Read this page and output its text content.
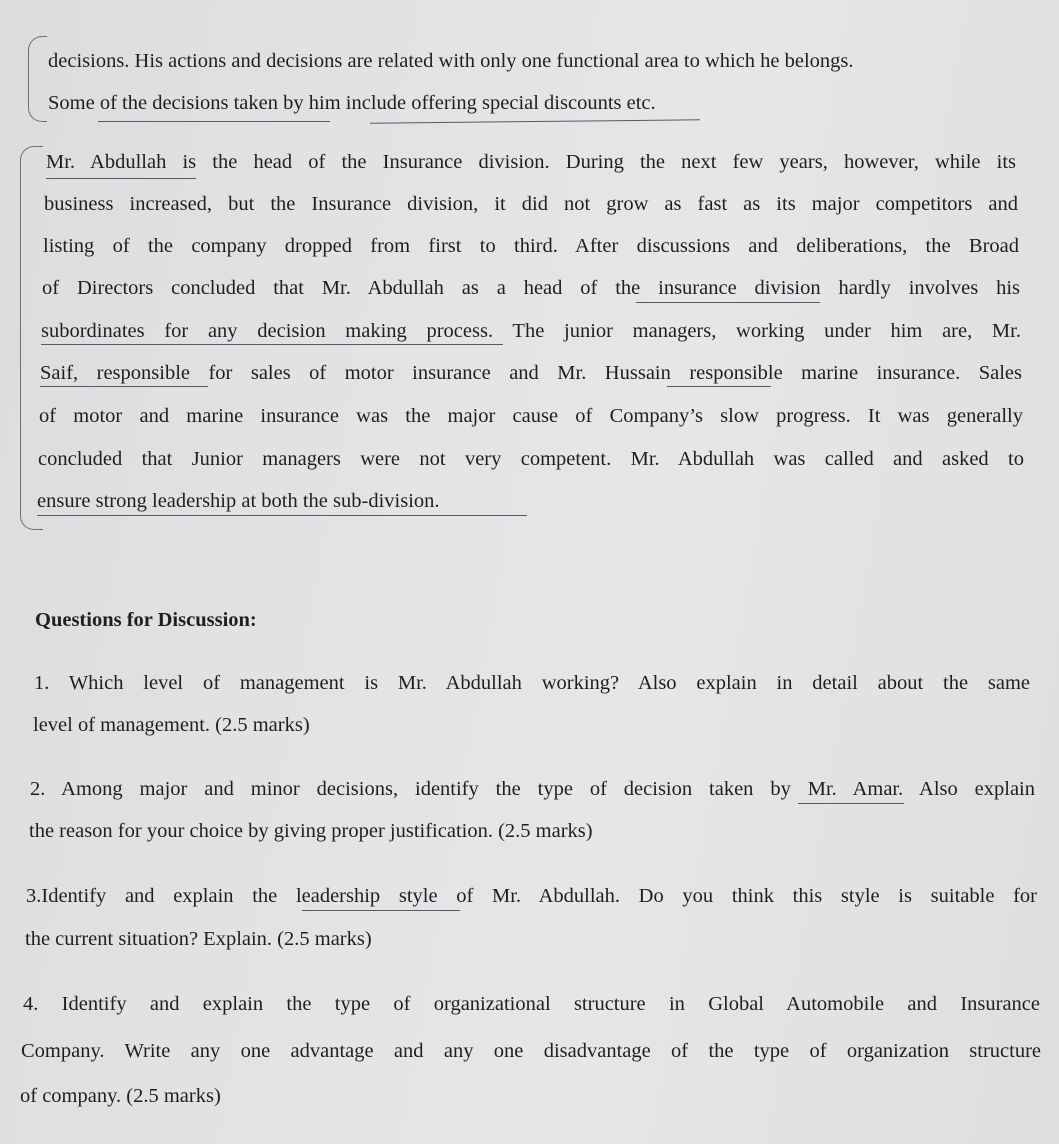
decisions. His actions and decisions are related with only one functional area to which he belongs.
Some of the decisions taken by him include offering special discounts etc.
Mr. Abdullah is the head of the Insurance division. During the next few years, however, while its
business increased, but the Insurance division, it did not grow as fast as its major competitors and
listing of the company dropped from first to third. After discussions and deliberations, the Broad
of Directors concluded that Mr. Abdullah as a head of the insurance division hardly involves his
subordinates for any decision making process. The junior managers, working under him are, Mr.
Saif, responsible for sales of motor insurance and Mr. Hussain responsible marine insurance. Sales
of motor and marine insurance was the major cause of Company’s slow progress. It was generally
concluded that Junior managers were not very competent. Mr. Abdullah was called and asked to
ensure strong leadership at both the sub-division.
Questions for Discussion:
1. Which level of management is Mr. Abdullah working? Also explain in detail about the same
level of management. (2.5 marks)
2. Among major and minor decisions, identify the type of decision taken by Mr. Amar. Also explain
the reason for your choice by giving proper justification. (2.5 marks)
3.Identify and explain the leadership style of Mr. Abdullah. Do you think this style is suitable for
the current situation? Explain. (2.5 marks)
4. Identify and explain the type of organizational structure in Global Automobile and Insurance
Company. Write any one advantage and any one disadvantage of the type of organization structure
of company. (2.5 marks)
